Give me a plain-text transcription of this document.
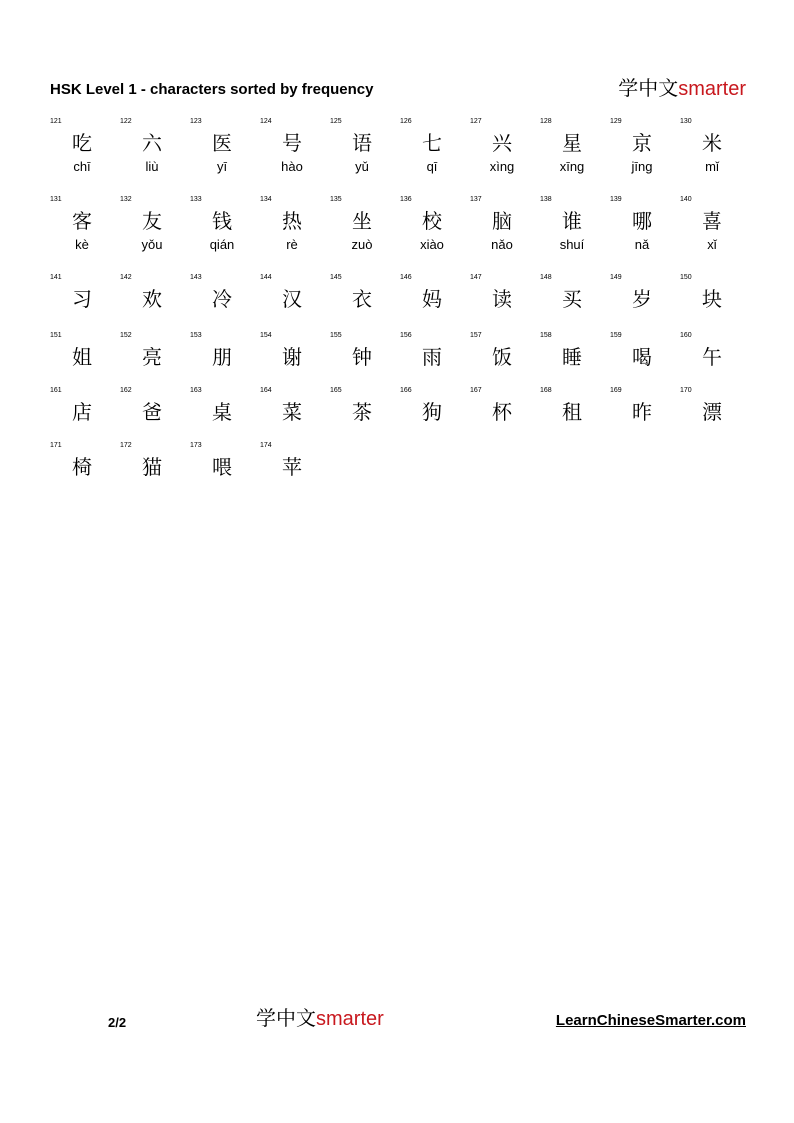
HSK Level 1 - characters sorted by frequency	学中文smarter
121
吃
chī
122
六
liù
123
医
yī
124
号
hào
125
语
yǔ
126
七
qī
127
兴
xìng
128
星
xīng
129
京
jīng
130
米
mǐ
131
客
kè
132
友
yǒu
133
钱
qián
134
热
rè
135
坐
zuò
136
校
xiào
137
脑
nǎo
138
谁
shuí
139
哪
nǎ
140
喜
xǐ
141
习
142
欢
143
冷
144
汉
145
衣
146
妈
147
读
148
买
149
岁
150
块
151
姐
152
亮
153
朋
154
谢
155
钟
156
雨
157
饭
158
睡
159
喝
160
午
161
店
162
爸
163
桌
164
菜
165
茶
166
狗
167
杯
168
租
169
昨
170
漂
171
椅
172
猫
173
喂
174
苹
2/2	学中文smarter	LearnChineseSmarter.com
